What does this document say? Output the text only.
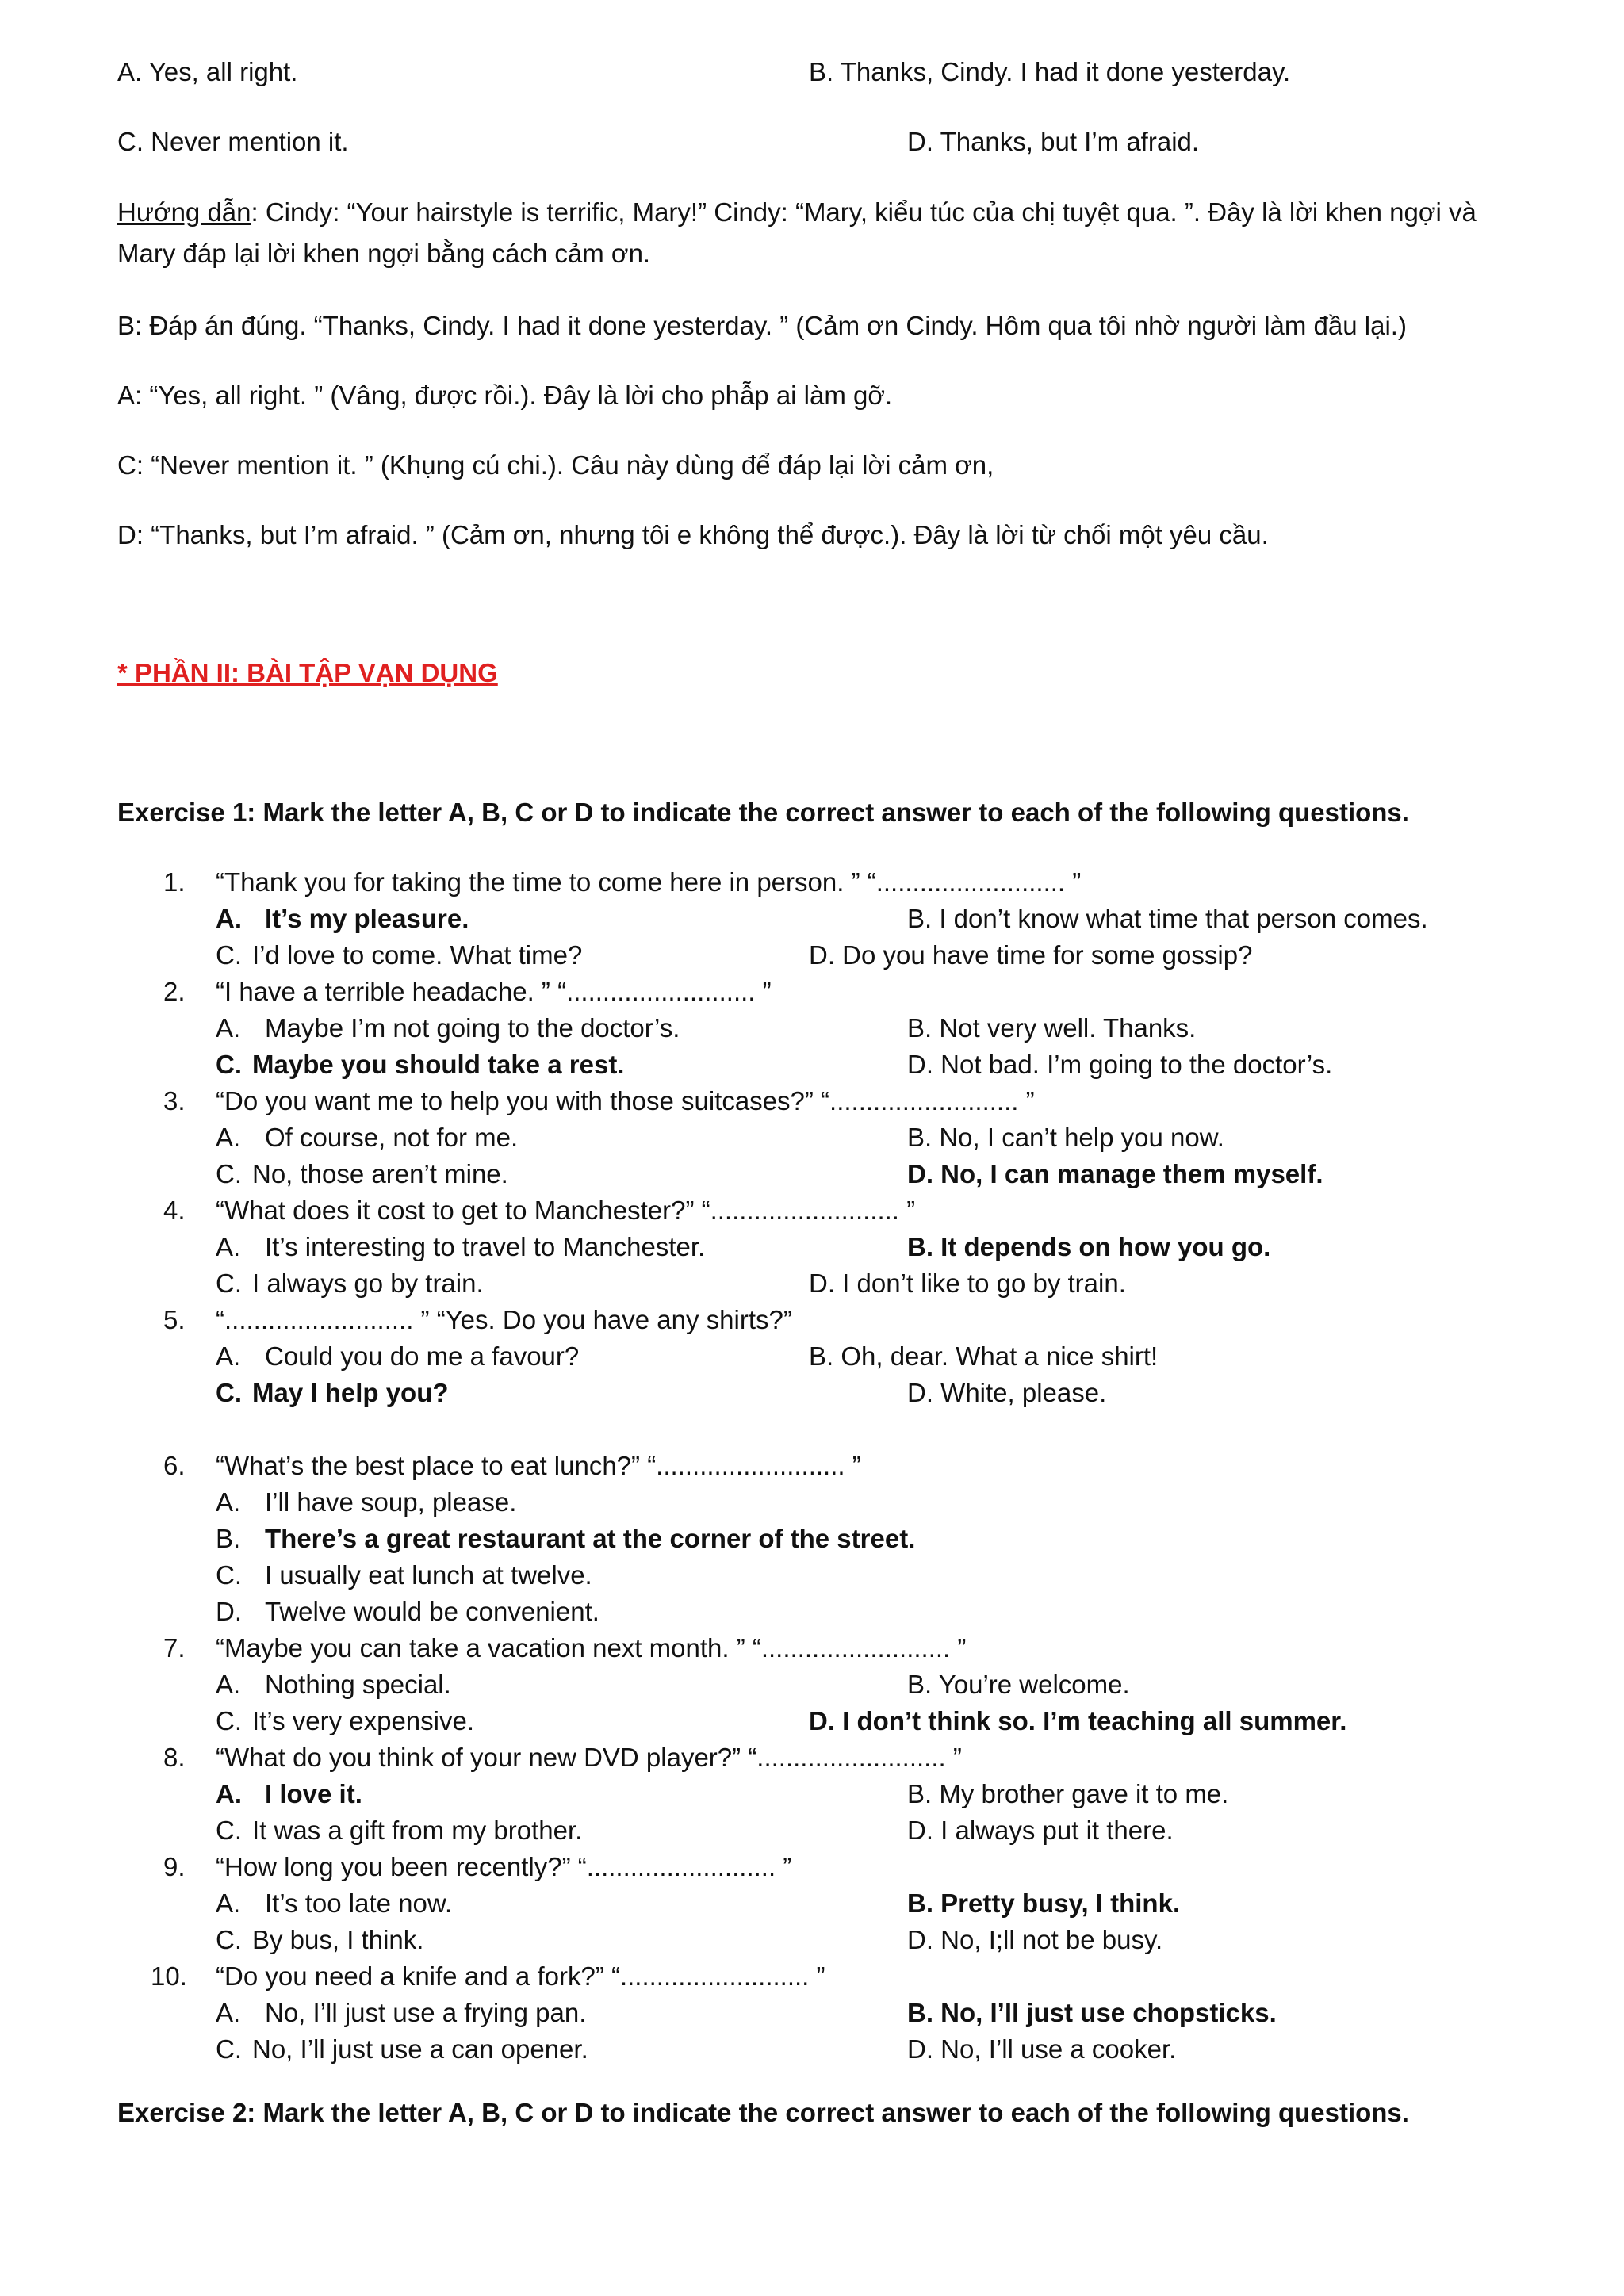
A. Yes, all right.	B. Thanks, Cindy. I had it done yesterday.
C. Never mention it.	D. Thanks, but I’m afraid.
Hướng dẫn: Cindy: “Your hairstyle is terrific, Mary!” Cindy: “Mary, kiểu túc của chị tuyệt qua. ”. Đây là lời khen ngợi và Mary đáp lại lời khen ngợi bằng cách cảm ơn.
B: Đáp án đúng. “Thanks, Cindy. I had it done yesterday. ” (Cảm ơn Cindy. Hôm qua tôi nhờ người làm đầu lại.)
A: “Yes, all right. ” (Vâng, được rồi.). Đây là lời cho phẫp ai làm gỡ.
C: “Never mention it. ” (Khụng cú chi.). Câu này dùng để đáp lại lời cảm ơn,
D: “Thanks, but I’m afraid. ” (Cảm ơn, nhưng tôi e không thể được.). Đây là lời từ chối một yêu cầu.
* PHẦN II: BÀI TẬP VẠN DỤNG
Exercise 1: Mark the letter A, B, C or D to indicate the correct answer to each of the following questions.
1. “Thank you for taking the time to come here in person. ” “.......................... ”
A. It’s my pleasure.	B. I don’t know what time that person comes.
C. I’d love to come. What time?	D. Do you have time for some gossip?
2. “I have a terrible headache. ” “.......................... ”
A. Maybe I’m not going to the doctor’s.	B. Not very well. Thanks.
C. Maybe you should take a rest.	D. Not bad. I’m going to the doctor’s.
3. “Do you want me to help you with those suitcases?” “.......................... ”
A. Of course, not for me.	B. No, I can’t help you now.
C. No, those aren’t mine.	D. No, I can manage them myself.
4. “What does it cost to get to Manchester?” “.......................... ”
A. It’s interesting to travel to Manchester.	B. It depends on how you go.
C. I always go by train.	D. I don’t like to go by train.
5. “.......................... ” “Yes. Do you have any shirts?”
A. Could you do me a favour?	B. Oh, dear. What a nice shirt!
C. May I help you?	D. White, please.
6. “What’s the best place to eat lunch?” “.......................... ”
A. I’ll have soup, please.
B. There’s a great restaurant at the corner of the street.
C. I usually eat lunch at twelve.
D. Twelve would be convenient.
7. “Maybe you can take a vacation next month. ” “.......................... ”
A. Nothing special.	B. You’re welcome.
C. It’s very expensive.	D. I don’t think so. I’m teaching all summer.
8. “What do you think of your new DVD player?” “.......................... ”
A. I love it.	B. My brother gave it to me.
C. It was a gift from my brother.	D. I always put it there.
9. “How long you been recently?” “.......................... ”
A. It’s too late now.	B. Pretty busy, I think.
C. By bus, I think.	D. No, I;ll not be busy.
10. “Do you need a knife and a fork?” “.......................... ”
A. No, I’ll just use a frying pan.	B. No, I’ll just use chopsticks.
C. No, I’ll just use a can opener.	D. No, I’ll use a cooker.
Exercise 2: Mark the letter A, B, C or D to indicate the correct answer to each of the following questions.
